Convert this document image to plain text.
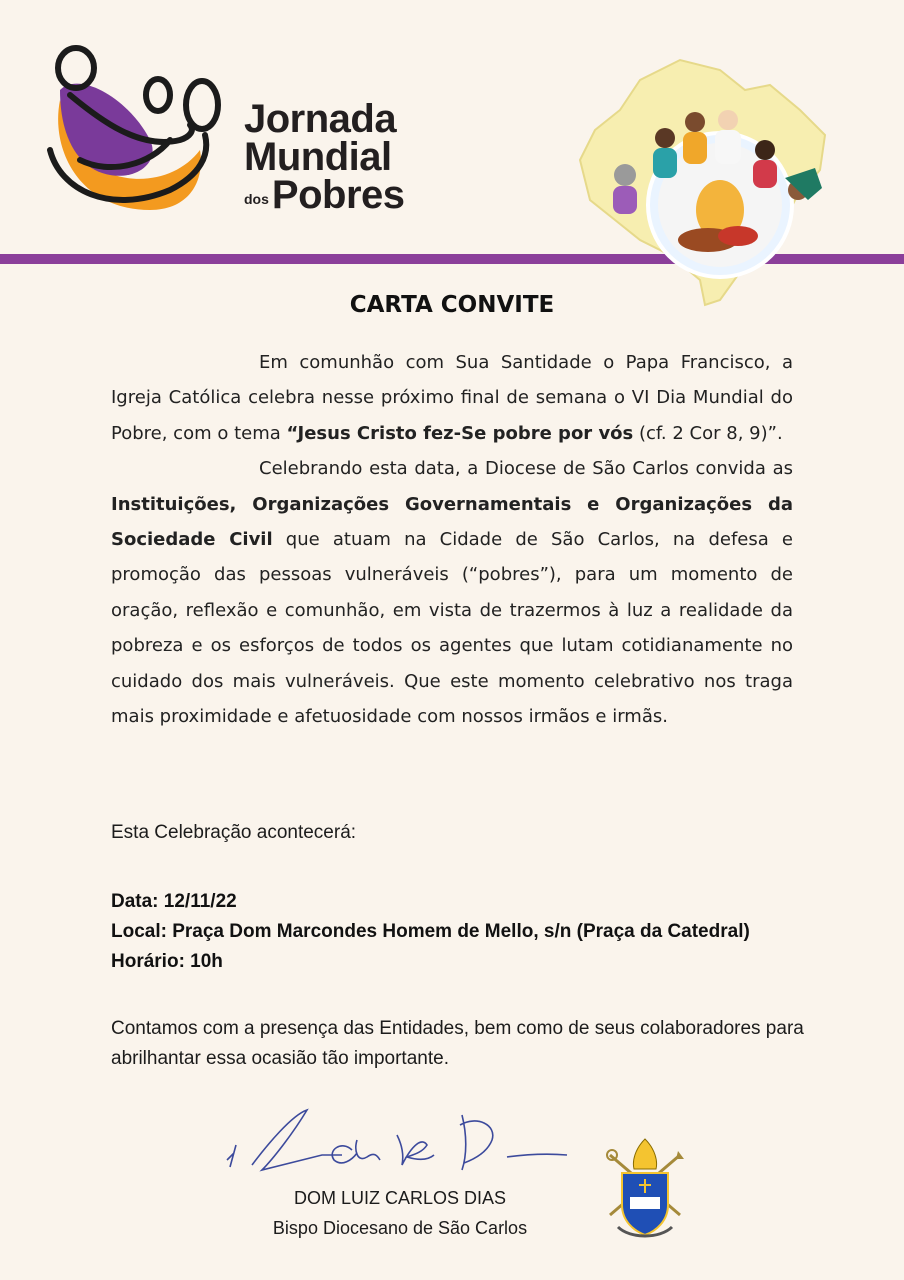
Jornada
Mundial
dosPobres
CARTA CONVITE

Em comunhão com Sua Santidade o Papa Francisco, a Igreja Católica celebra nesse próximo final de semana o VI Dia Mundial do Pobre, com o tema “Jesus Cristo fez-Se pobre por vós (cf. 2 Cor 8, 9)”.

Celebrando esta data, a Diocese de São Carlos convida as Instituições, Organizações Governamentais e Organizações da Sociedade Civil que atuam na Cidade de São Carlos, na defesa e promoção das pessoas vulneráveis (“pobres”), para um momento de oração, reflexão e comunhão, em vista de trazermos à luz a realidade da pobreza e os esforços de todos os agentes que lutam cotidianamente no cuidado dos mais vulneráveis. Que este momento celebrativo nos traga mais proximidade e afetuosidade com nossos irmãos e irmãs.

Esta Celebração acontecerá:
Data: 12/11/22
Local: Praça Dom Marcondes Homem de Mello, s/n (Praça da Catedral)
Horário: 10h
Contamos com a presença das Entidades, bem como de seus colaboradores para abrilhantar essa ocasião tão importante.
DOM LUIZ CARLOS DIAS
Bispo Diocesano de São Carlos
